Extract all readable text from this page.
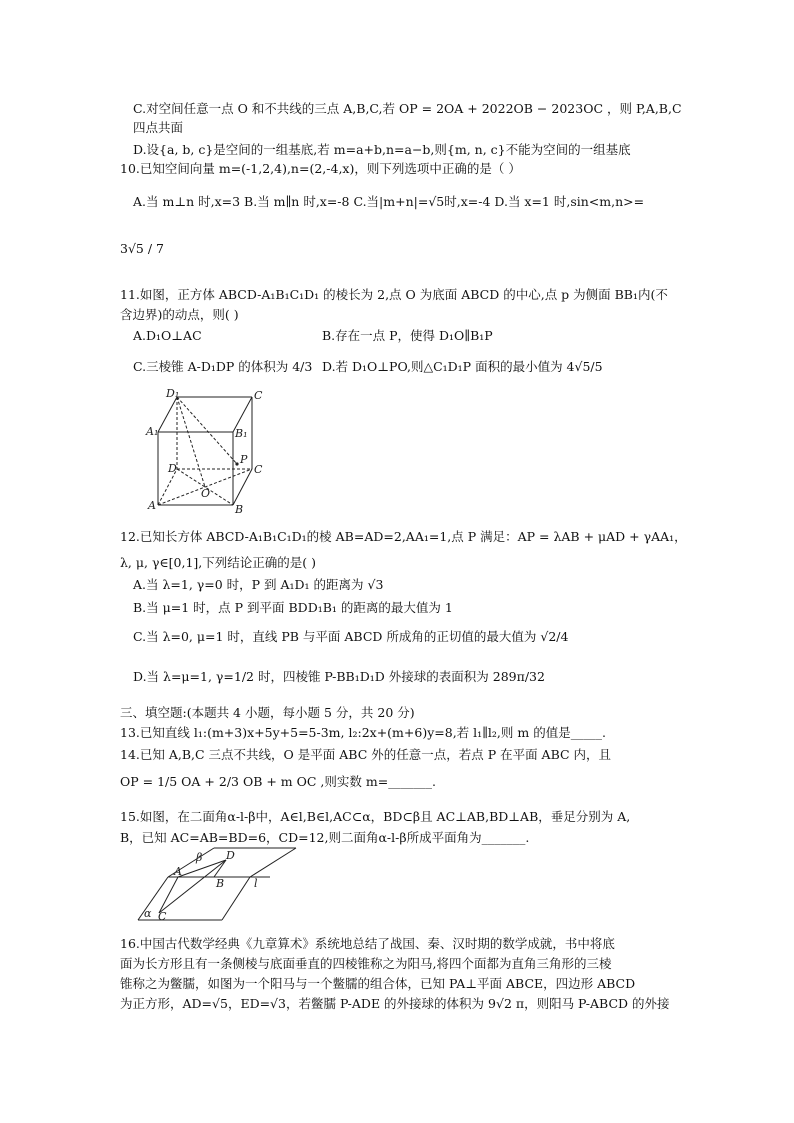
C.对空间任意一点 O 和不共线的三点 A,B,C,若 OP = 2OA + 2022OB − 2023OC ，则 P,A,B,C
四点共面
D.设{a, b, c}是空间的一组基底,若 m=a+b,n=a−b,则{m, n, c}不能为空间的一组基底
10.已知空间向量 m=(-1,2,4),n=(2,-4,x)，则下列选项中正确的是（ ）
A.当 m⊥n 时,x=3 B.当 m∥n 时,x=-8 C.当|m+n|=√5时,x=-4 D.当 x=1 时,sin<m,n>=
3√5 / 7
11.如图，正方体 ABCD-A₁B₁C₁D₁ 的棱长为 2,点 O 为底面 ABCD 的中心,点 p 为侧面 BB₁内(不
含边界)的动点，则( )
A.D₁O⊥AC	B.存在一点 P，使得 D₁O∥B₁P
C.三棱锥 A-D₁DP 的体积为 4/3 D.若 D₁O⊥PO,则△C₁D₁P 面积的最小值为 4√5/5
D₁	C
A₁	B₁
D	C
A	B
O
P
12.已知长方体 ABCD-A₁B₁C₁D₁的棱 AB=AD=2,AA₁=1,点 P 满足：AP = λAB + μAD + γAA₁，
λ, μ, γ∈[0,1],下列结论正确的是( )
A.当 λ=1, γ=0 时，P 到 A₁D₁ 的距离为 √3
B.当 μ=1 时，点 P 到平面 BDD₁B₁ 的距离的最大值为 1
C.当 λ=0, μ=1 时，直线 PB 与平面 ABCD 所成角的正切值的最大值为 √2/4
D.当 λ=μ=1, γ=1/2 时，四棱锥 P-BB₁D₁D 外接球的表面积为 289π/32
三、填空题:(本题共 4 小题，每小题 5 分，共 20 分)
13.已知直线 l₁:(m+3)x+5y+5=5-3m, l₂:2x+(m+6)y=8,若 l₁∥l₂,则 m 的值是_____.
14.已知 A,B,C 三点不共线，O 是平面 ABC 外的任意一点，若点 P 在平面 ABC 内，且
OP = 1/5 OA + 2/3 OB + m OC ,则实数 m=_______.
15.如图，在二面角α-l-β中，A∈l,B∈l,AC⊂α，BD⊂β且 AC⊥AB,BD⊥AB，垂足分别为 A,
B，已知 AC=AB=BD=6，CD=12,则二面角α-l-β所成平面角为_______.
β D
A
B	l
α C
16.中国古代数学经典《九章算术》系统地总结了战国、秦、汉时期的数学成就，书中将底
面为长方形且有一条侧棱与底面垂直的四棱锥称之为阳马,将四个面都为直角三角形的三棱
锥称之为鳖臑，如图为一个阳马与一个鳖臑的组合体，已知 PA⊥平面 ABCE，四边形 ABCD
为正方形，AD=√5，ED=√3，若鳖臑 P-ADE 的外接球的体积为 9√2 π，则阳马 P-ABCD 的外接
